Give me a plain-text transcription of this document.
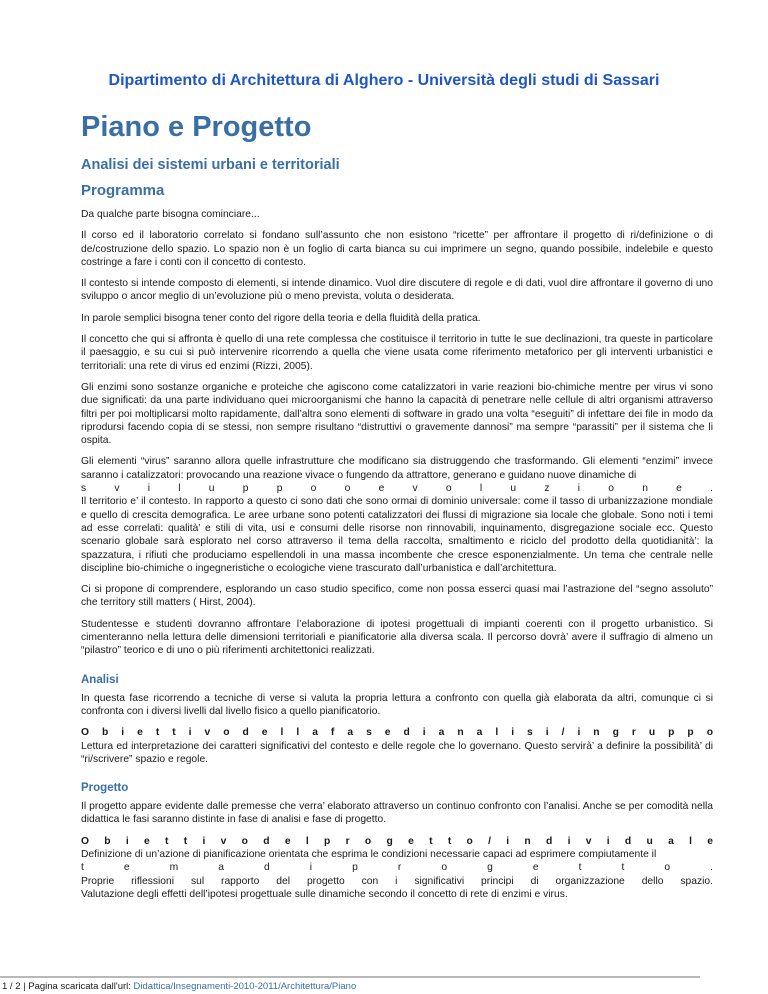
Dipartimento di Architettura di Alghero - Università degli studi di Sassari
Piano e Progetto
Analisi dei sistemi urbani e territoriali
Programma

Da qualche parte bisogna cominciare...

Il corso ed il laboratorio correlato si fondano sull’assunto che non esistono “ricette” per affrontare il progetto di ri/definizione o di de/costruzione dello spazio. Lo spazio non è un foglio di carta bianca su cui imprimere un segno, quando possibile, indelebile e questo costringe a fare i conti con il concetto di contesto.

Il contesto si intende composto di elementi, si intende dinamico. Vuol dire discutere di regole e di dati, vuol dire affrontare il governo di uno sviluppo o ancor meglio di un’evoluzione più o meno prevista, voluta o desiderata.

In parole semplici bisogna tener conto del rigore della teoria e della fluidità della pratica.

Il concetto che qui si affronta è quello di una rete complessa che costituisce il territorio in tutte le sue declinazioni, tra queste in particolare il paesaggio, e su cui si può intervenire ricorrendo a quella che viene usata come riferimento metaforico per gli interventi urbanistici e territoriali: una rete di virus ed enzimi (Rizzi, 2005).

Gli enzimi sono sostanze organiche e proteiche che agiscono come catalizzatori in varie reazioni bio-chimiche mentre per virus vi sono due significati: da una parte individuano quei microorganismi che hanno la capacità di penetrare nelle cellule di altri organismi attraverso filtri per poi moltiplicarsi molto rapidamente, dall’altra sono elementi di software in grado una volta “eseguiti” di infettare dei file in modo da riprodursi facendo copia di se stessi, non sempre risultano “distruttivi o gravemente dannosi” ma sempre “parassiti” per il sistema che li ospita.

Gli elementi “virus” saranno allora quelle infrastrutture che modificano sia distruggendo che trasformando. Gli elementi “enzimi” invece saranno i catalizzatori: provocando una reazione vivace o fungendo da attrattore, generano e guidano nuove dinamiche di
s v i l u p p o o e v o l u z i o n e .
Il territorio e’ il contesto. In rapporto a questo ci sono dati che sono ormai di dominio universale: come il tasso di urbanizzazione mondiale e quello di crescita demografica. Le aree urbane sono potenti catalizzatori dei flussi di migrazione sia locale che globale. Sono noti i temi ad esse correlati: qualità’ e stili di vita, usi e consumi delle risorse non rinnovabili, inquinamento, disgregazione sociale ecc. Questo scenario globale sarà esplorato nel corso attraverso il tema della raccolta, smaltimento e riciclo del prodotto della quotidianità’: la spazzatura, i rifiuti che produciamo espellendoli in una massa incombente che cresce esponenzialmente. Un tema che centrale nelle discipline bio-chimiche o ingegneristiche o ecologiche viene trascurato dall’urbanistica e dall’architettura.

Ci si propone di comprendere, esplorando un caso studio specifico, come non possa esserci quasi mai l’astrazione del “segno assoluto” che territory still matters ( Hirst, 2004).

Studentesse e studenti dovranno affrontare l’elaborazione di ipotesi progettuali di impianti coerenti con il progetto urbanistico. Si cimenteranno nella lettura delle dimensioni territoriali e pianificatorie alla diversa scala. Il percorso dovrà’ avere il suffragio di almeno un “pilastro” teorico e di uno o più riferimenti architettonici realizzati.

Analisi

In questa fase ricorrendo a tecniche di verse si valuta la propria lettura a confronto con quella già elaborata da altri, comunque ci si confronta con i diversi livelli dal livello fisico a quello pianificatorio.

O b i e t t i v o d e l l a f a s e d i a n a l i s i / i n g r u p p o
Lettura ed interpretazione dei caratteri significativi del contesto e delle regole che lo governano. Questo servirà’ a definire la possibilità’ di “ri/scrivere” spazio e regole.

Progetto

Il progetto appare evidente dalle premesse che verra’ elaborato attraverso un continuo confronto con l’analisi. Anche se per comodità nella didattica le fasi saranno distinte in fase di analisi e fase di progetto.

O b i e t t i v o d e l p r o g e t t o / i n d i v i d u a l e
Definizione di un’azione di pianificazione orientata che esprima le condizioni necessarie capaci ad esprimere compiutamente il
t e m a d i p r o g e t t o .
Proprie riflessioni sul rapporto del progetto con i significativi principi di organizzazione dello spazio.
Valutazione degli effetti dell’ipotesi progettuale sulle dinamiche secondo il concetto di rete di enzimi e virus.

1 / 2 | Pagina scaricata dall'url: Didattica/Insegnamenti-2010-2011/Architettura/Piano
